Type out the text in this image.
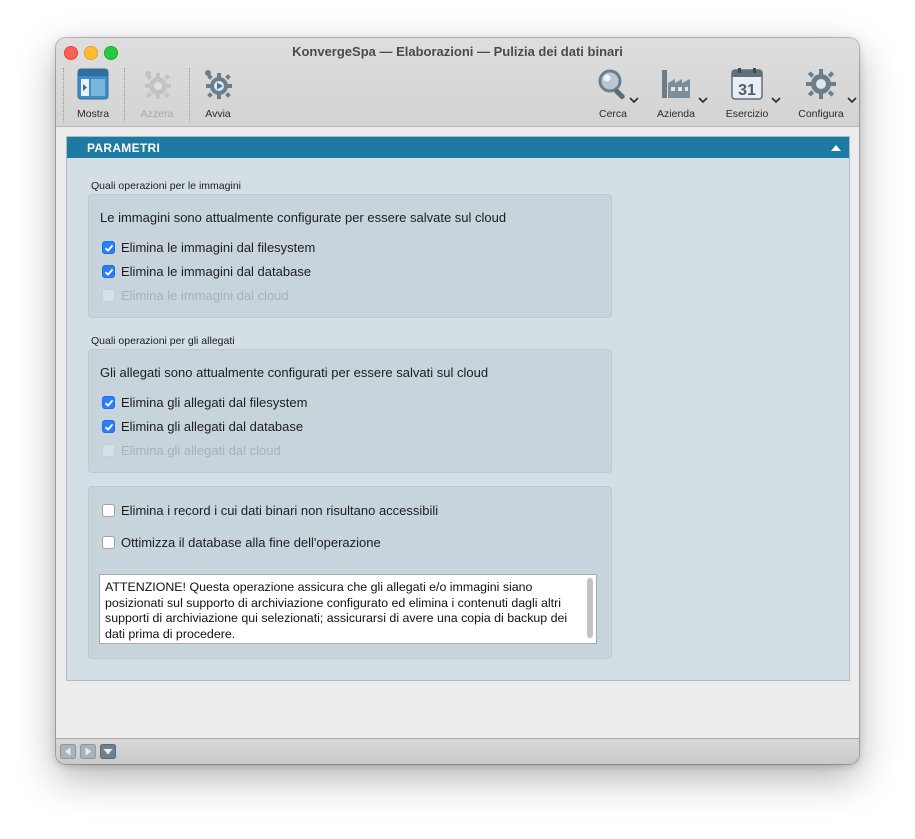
KonvergeSpa — Elaborazioni — Pulizia dei dati binari
Mostra	Azzera	Avvia	Cerca	Azienda
31
Esercizio	Configura
PARAMETRI
Quali operazioni per le immagini
Le immagini sono attualmente configurate per essere salvate sul cloud
Elimina le immagini dal filesystem
Elimina le immagini dal database
Elimina le immagini dal cloud
Quali operazioni per gli allegati
Gli allegati sono attualmente configurati per essere salvati sul cloud
Elimina gli allegati dal filesystem
Elimina gli allegati dal database
Elimina gli allegati dal cloud
Elimina i record i cui dati binari non risultano accessibili
Ottimizza il database alla fine dell'operazione
ATTENZIONE! Questa operazione assicura che gli allegati e/o immagini siano posizionati sul supporto di archiviazione configurato ed elimina i contenuti dagli altri supporti di archiviazione qui selezionati; assicurarsi di avere una copia di backup dei dati prima di procedere.
